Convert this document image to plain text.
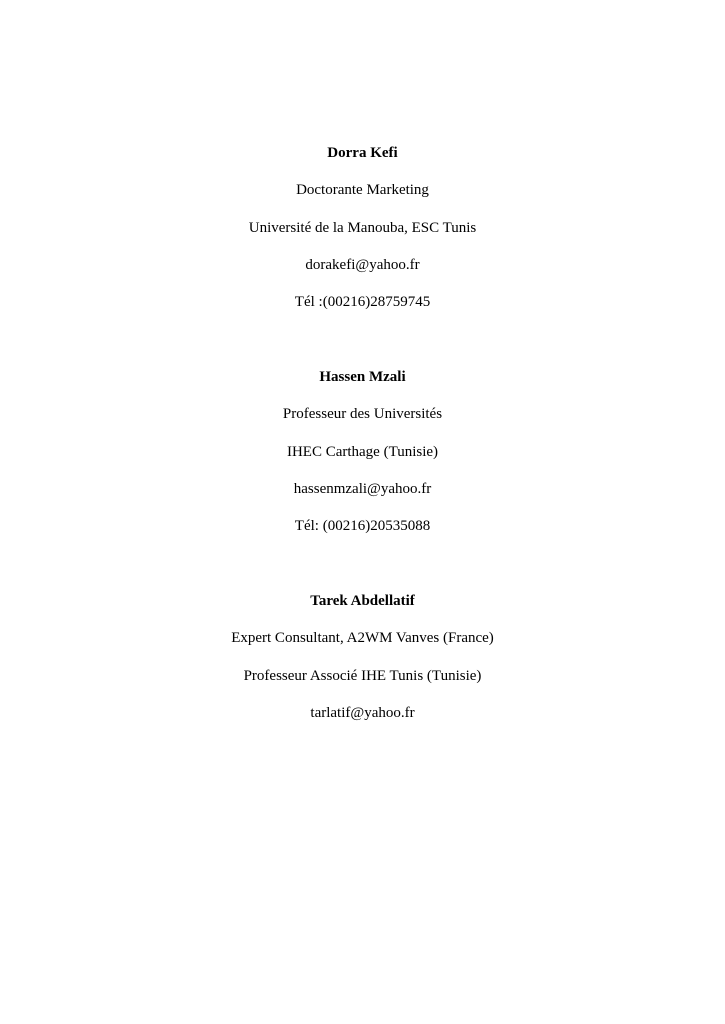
Dorra Kefi
Doctorante Marketing
Université de la Manouba, ESC Tunis
dorakefi@yahoo.fr
Tél :(00216)28759745
Hassen Mzali
Professeur des Universités
IHEC Carthage (Tunisie)
hassenmzali@yahoo.fr
Tél: (00216)20535088
Tarek Abdellatif
Expert Consultant, A2WM Vanves (France)
Professeur Associé IHE Tunis (Tunisie)
tarlatif@yahoo.fr
